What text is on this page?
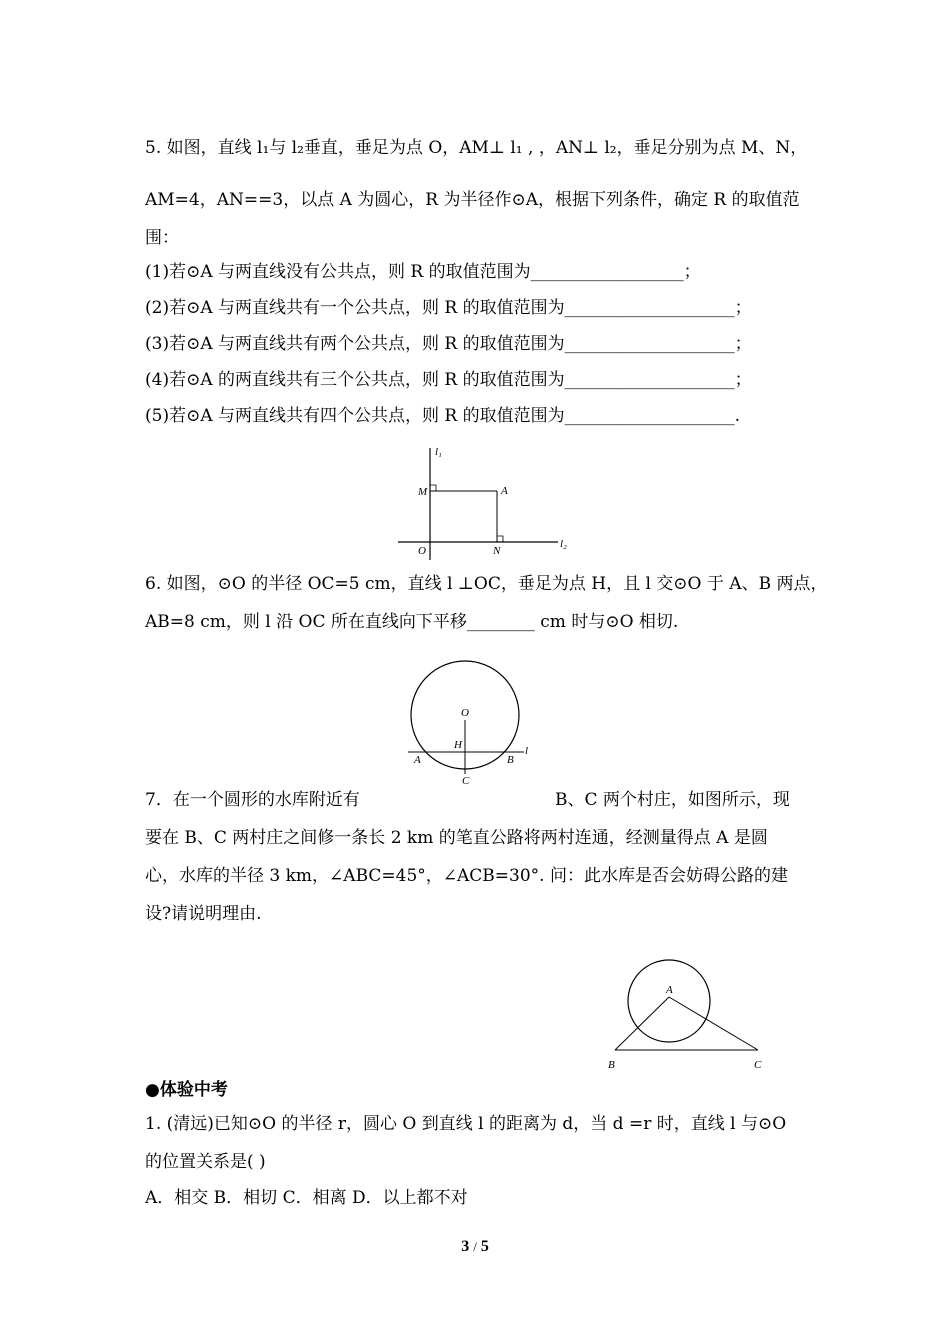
5. 如图，直线 l₁与 l₂垂直，垂足为点 O，AM⊥ l₁ , ，AN⊥ l₂，垂足分别为点 M、N，
AM=4，AN==3，以点 A 为圆心，R 为半径作⊙A，根据下列条件，确定 R 的取值范
围：
(1)若⊙A 与两直线没有公共点，则 R 的取值范围为__________________；
(2)若⊙A 与两直线共有一个公共点，则 R 的取值范围为____________________；
(3)若⊙A 与两直线共有两个公共点，则 R 的取值范围为____________________；
(4)若⊙A 的两直线共有三个公共点，则 R 的取值范围为____________________；
(5)若⊙A 与两直线共有四个公共点，则 R 的取值范围为____________________.
l₁
M	A
O	N
l₂
6. 如图，⊙O 的半径 OC=5 cm，直线 l ⊥OC，垂足为点 H，且 l 交⊙O 于 A、B 两点，
AB=8 cm，则 l 沿 OC 所在直线向下平移________ cm 时与⊙O 相切.
O
H
A	B
C
l
7．在一个圆形的水库附近有	B、C 两个村庄，如图所示，现
要在 B、C 两村庄之间修一条长 2 km 的笔直公路将两村连通，经测量得点 A 是圆
心，水库的半径 3 km，∠ABC=45°，∠ACB=30°. 问：此水库是否会妨碍公路的建
设?请说明理由.
A
B	C
●体验中考
1. (清远)已知⊙O 的半径 r，圆心 O 到直线 l 的距离为 d，当 d =r 时，直线 l 与⊙O
的位置关系是( )
A．相交 B．相切 C．相离 D．以上都不对
3 / 5
